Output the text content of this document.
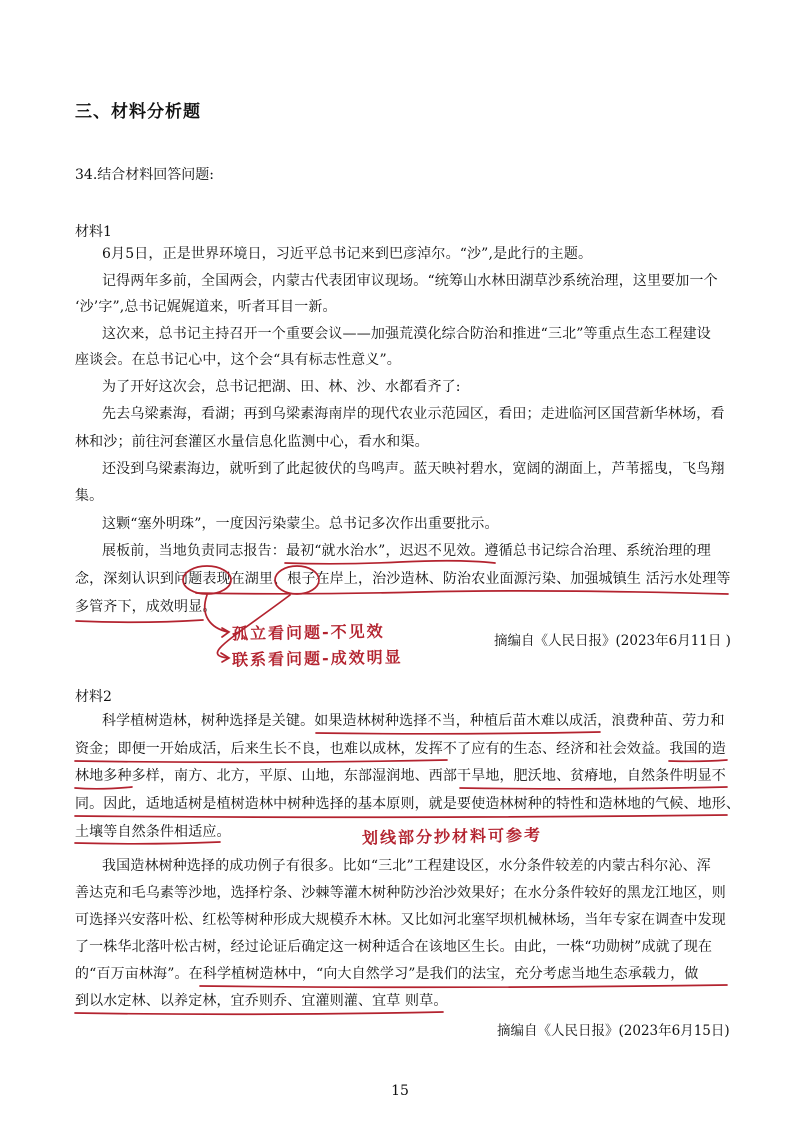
三、材料分析题
34.结合材料回答问题:
材料1
6月5日，正是世界环境日，习近平总书记来到巴彦淖尔。“沙”,是此行的主题。
记得两年多前，全国两会，内蒙古代表团审议现场。“统筹山水林田湖草沙系统治理，这里要加一个
‘沙’字”,总书记娓娓道来，听者耳目一新。
这次来，总书记主持召开一个重要会议——加强荒漠化综合防治和推进“三北”等重点生态工程建设
座谈会。在总书记心中，这个会“具有标志性意义”。
为了开好这次会，总书记把湖、田、林、沙、水都看齐了:
先去乌梁素海，看湖；再到乌梁素海南岸的现代农业示范园区，看田；走进临河区国营新华林场，看
林和沙；前往河套灌区水量信息化监测中心，看水和渠。
还没到乌梁素海边，就听到了此起彼伏的鸟鸣声。蓝天映衬碧水，宽阔的湖面上，芦苇摇曳，飞鸟翔
集。
这颗“塞外明珠”，一度因污染蒙尘。总书记多次作出重要批示。
展板前，当地负责同志报告：最初“就水治水”，迟迟不见效。遵循总书记综合治理、系统治理的理
念，深刻认识到问题表现在湖里、根子在岸上，治沙造林、防治农业面源污染、加强城镇生 活污水处理等
多管齐下，成效明显。
摘编自《人民日报》(2023年6月11日 )
孤立看问题-不见效
联系看问题-成效明显
材料2
科学植树造林，树种选择是关键。如果造林树种选择不当，种植后苗木难以成活，浪费种苗、劳力和
资金；即便一开始成活，后来生长不良，也难以成林，发挥不了应有的生态、经济和社会效益。我国的造
林地多种多样，南方、北方，平原、山地，东部湿润地、西部干旱地，肥沃地、贫瘠地，自然条件明显不
同。因此，适地适树是植树造林中树种选择的基本原则，就是要使造林树种的特性和造林地的气候、地形、
土壤等自然条件相适应。	划线部分抄材料可参考
我国造林树种选择的成功例子有很多。比如“三北”工程建设区，水分条件较差的内蒙古科尔沁、浑
善达克和毛乌素等沙地，选择柠条、沙棘等灌木树种防沙治沙效果好；在水分条件较好的黑龙江地区，则
可选择兴安落叶松、红松等树种形成大规模乔木林。又比如河北塞罕坝机械林场，当年专家在调查中发现
了一株华北落叶松古树，经过论证后确定这一树种适合在该地区生长。由此，一株“功勋树”成就了现在
的“百万亩林海”。在科学植树造林中，“向大自然学习”是我们的法宝，充分考虑当地生态承载力，做
到以水定林、以养定林，宜乔则乔、宜灌则灌、宜草 则草。
摘编自《人民日报》(2023年6月15日)
15
